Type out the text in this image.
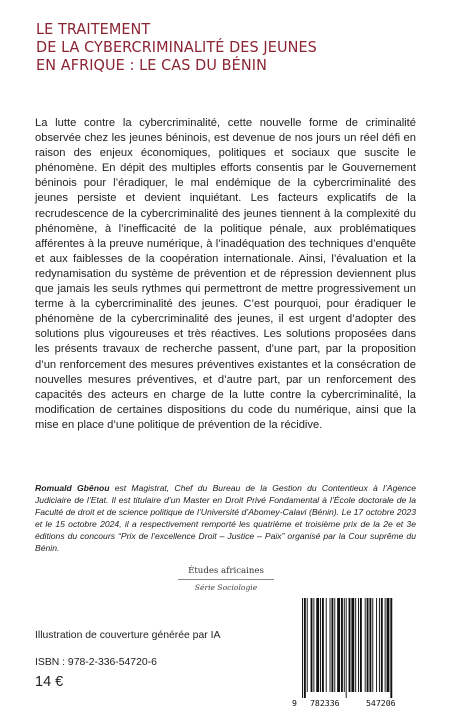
LE TRAITEMENT
DE LA CYBERCRIMINALITÉ DES JEUNES
EN AFRIQUE : LE CAS DU BÉNIN

La lutte contre la cybercriminalité, cette nouvelle forme de criminalité observée chez les jeunes béninois, est devenue de nos jours un réel défi en raison des enjeux économiques, politiques et sociaux que suscite le phénomène. En dépit des multiples efforts consentis par le Gouvernement béninois pour l’éradiquer, le mal endémique de la cybercriminalité des jeunes persiste et devient inquiétant. Les facteurs explicatifs de la recrudescence de la cybercriminalité des jeunes tiennent à la complexité du phénomène, à l’inefficacité de la politique pénale, aux problématiques afférentes à la preuve numérique, à l’inadéquation des techniques d’enquête et aux faiblesses de la coopération internationale. Ainsi, l’évaluation et la redynamisation du système de prévention et de répression deviennent plus que jamais les seuls rythmes qui permettront de mettre progressivement un terme à la cybercriminalité des jeunes. C’est pourquoi, pour éradiquer le phénomène de la cybercriminalité des jeunes, il est urgent d’adopter des solutions plus vigoureuses et très réactives. Les solutions proposées dans les présents travaux de recherche passent, d’une part, par la proposition d’un renforcement des mesures préventives existantes et la consécration de nouvelles mesures préventives, et d’autre part, par un renforcement des capacités des acteurs en charge de la lutte contre la cybercriminalité, la modification de certaines dispositions du code du numérique, ainsi que la mise en place d’une politique de prévention de la récidive.

Romuald Gbênou est Magistrat, Chef du Bureau de la Gestion du Contentieux à l’Agence Judiciaire de l’Etat. Il est titulaire d’un Master en Droit Privé Fondamental à l’École doctorale de la Faculté de droit et de science politique de l’Université d’Abomey-Calavi (Bénin). Le 17 octobre 2023 et le 15 octobre 2024, il a respectivement remporté les quatrième et troisième prix de la 2e et 3e éditions du concours “Prix de l’excellence Droit – Justice – Paix” organisé par la Cour suprême du Bénin.

Études africaines
Série Sociologie
Illustration de couverture générée par IA
ISBN : 978-2-336-54720-6
14 €
9 782336	547206
